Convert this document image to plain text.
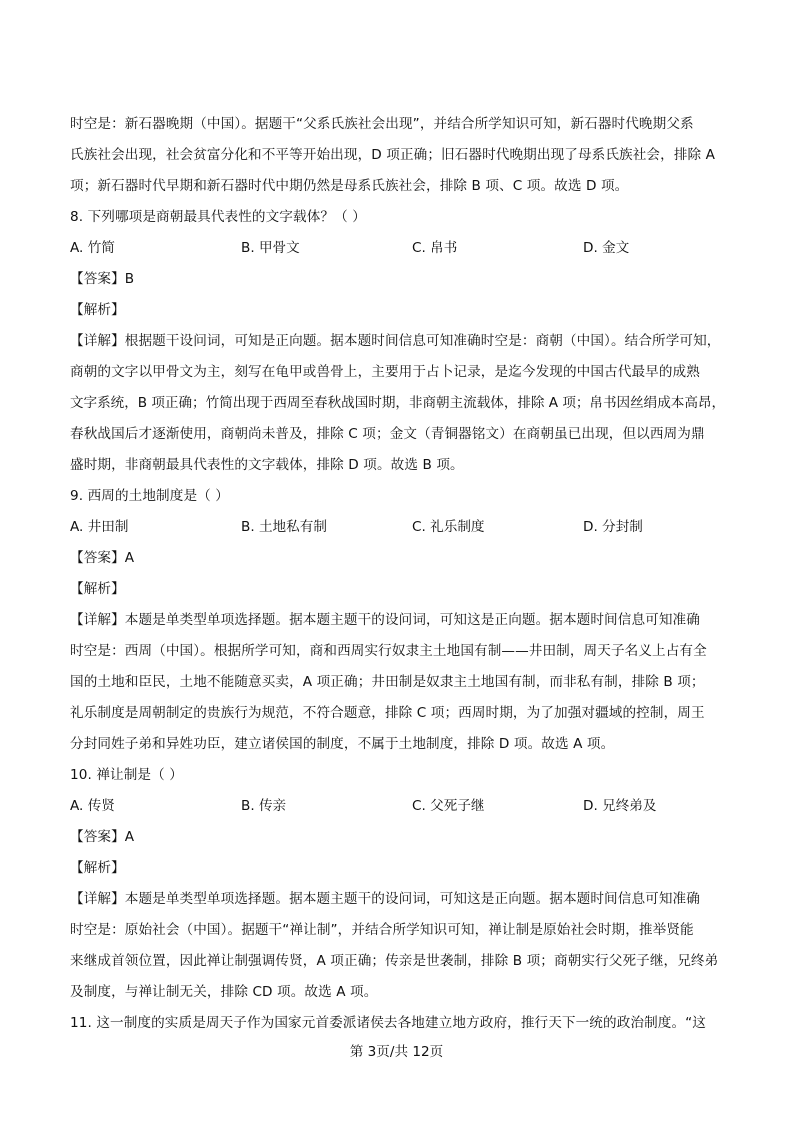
时空是：新石器晚期（中国）。据题干“父系氏族社会出现”，并结合所学知识可知，新石器时代晚期父系
氏族社会出现，社会贫富分化和不平等开始出现，D 项正确；旧石器时代晚期出现了母系氏族社会，排除 A
项；新石器时代早期和新石器时代中期仍然是母系氏族社会，排除 B 项、C 项。故选 D 项。
8. 下列哪项是商朝最具代表性的文字载体？（ ）
A. 竹简	B. 甲骨文	C. 帛书	D. 金文
【答案】B
【解析】
【详解】根据题干设问词，可知是正向题。据本题时间信息可知准确时空是：商朝（中国）。结合所学可知，
商朝的文字以甲骨文为主，刻写在龟甲或兽骨上，主要用于占卜记录，是迄今发现的中国古代最早的成熟
文字系统，B 项正确；竹简出现于西周至春秋战国时期，非商朝主流载体，排除 A 项；帛书因丝绢成本高昂，
春秋战国后才逐渐使用，商朝尚未普及，排除 C 项；金文（青铜器铭文）在商朝虽已出现，但以西周为鼎
盛时期，非商朝最具代表性的文字载体，排除 D 项。故选 B 项。
9. 西周的土地制度是（ ）
A. 井田制	B. 土地私有制	C. 礼乐制度	D. 分封制
【答案】A
【解析】
【详解】本题是单类型单项选择题。据本题主题干的设问词，可知这是正向题。据本题时间信息可知准确
时空是：西周（中国）。根据所学可知，商和西周实行奴隶主土地国有制——井田制，周天子名义上占有全
国的土地和臣民，土地不能随意买卖，A 项正确；井田制是奴隶主土地国有制，而非私有制，排除 B 项；
礼乐制度是周朝制定的贵族行为规范，不符合题意，排除 C 项；西周时期，为了加强对疆域的控制，周王
分封同姓子弟和异姓功臣，建立诸侯国的制度，不属于土地制度，排除 D 项。故选 A 项。
10. 禅让制是（ ）
A. 传贤	B. 传亲	C. 父死子继	D. 兄终弟及
【答案】A
【解析】
【详解】本题是单类型单项选择题。据本题主题干的设问词，可知这是正向题。据本题时间信息可知准确
时空是：原始社会（中国）。据题干“禅让制”，并结合所学知识可知，禅让制是原始社会时期，推举贤能
来继成首领位置，因此禅让制强调传贤，A 项正确；传亲是世袭制，排除 B 项；商朝实行父死子继，兄终弟
及制度，与禅让制无关，排除 CD 项。故选 A 项。
11. 这一制度的实质是周天子作为国家元首委派诸侯去各地建立地方政府，推行天下一统的政治制度。“这
第 3页/共 12页
